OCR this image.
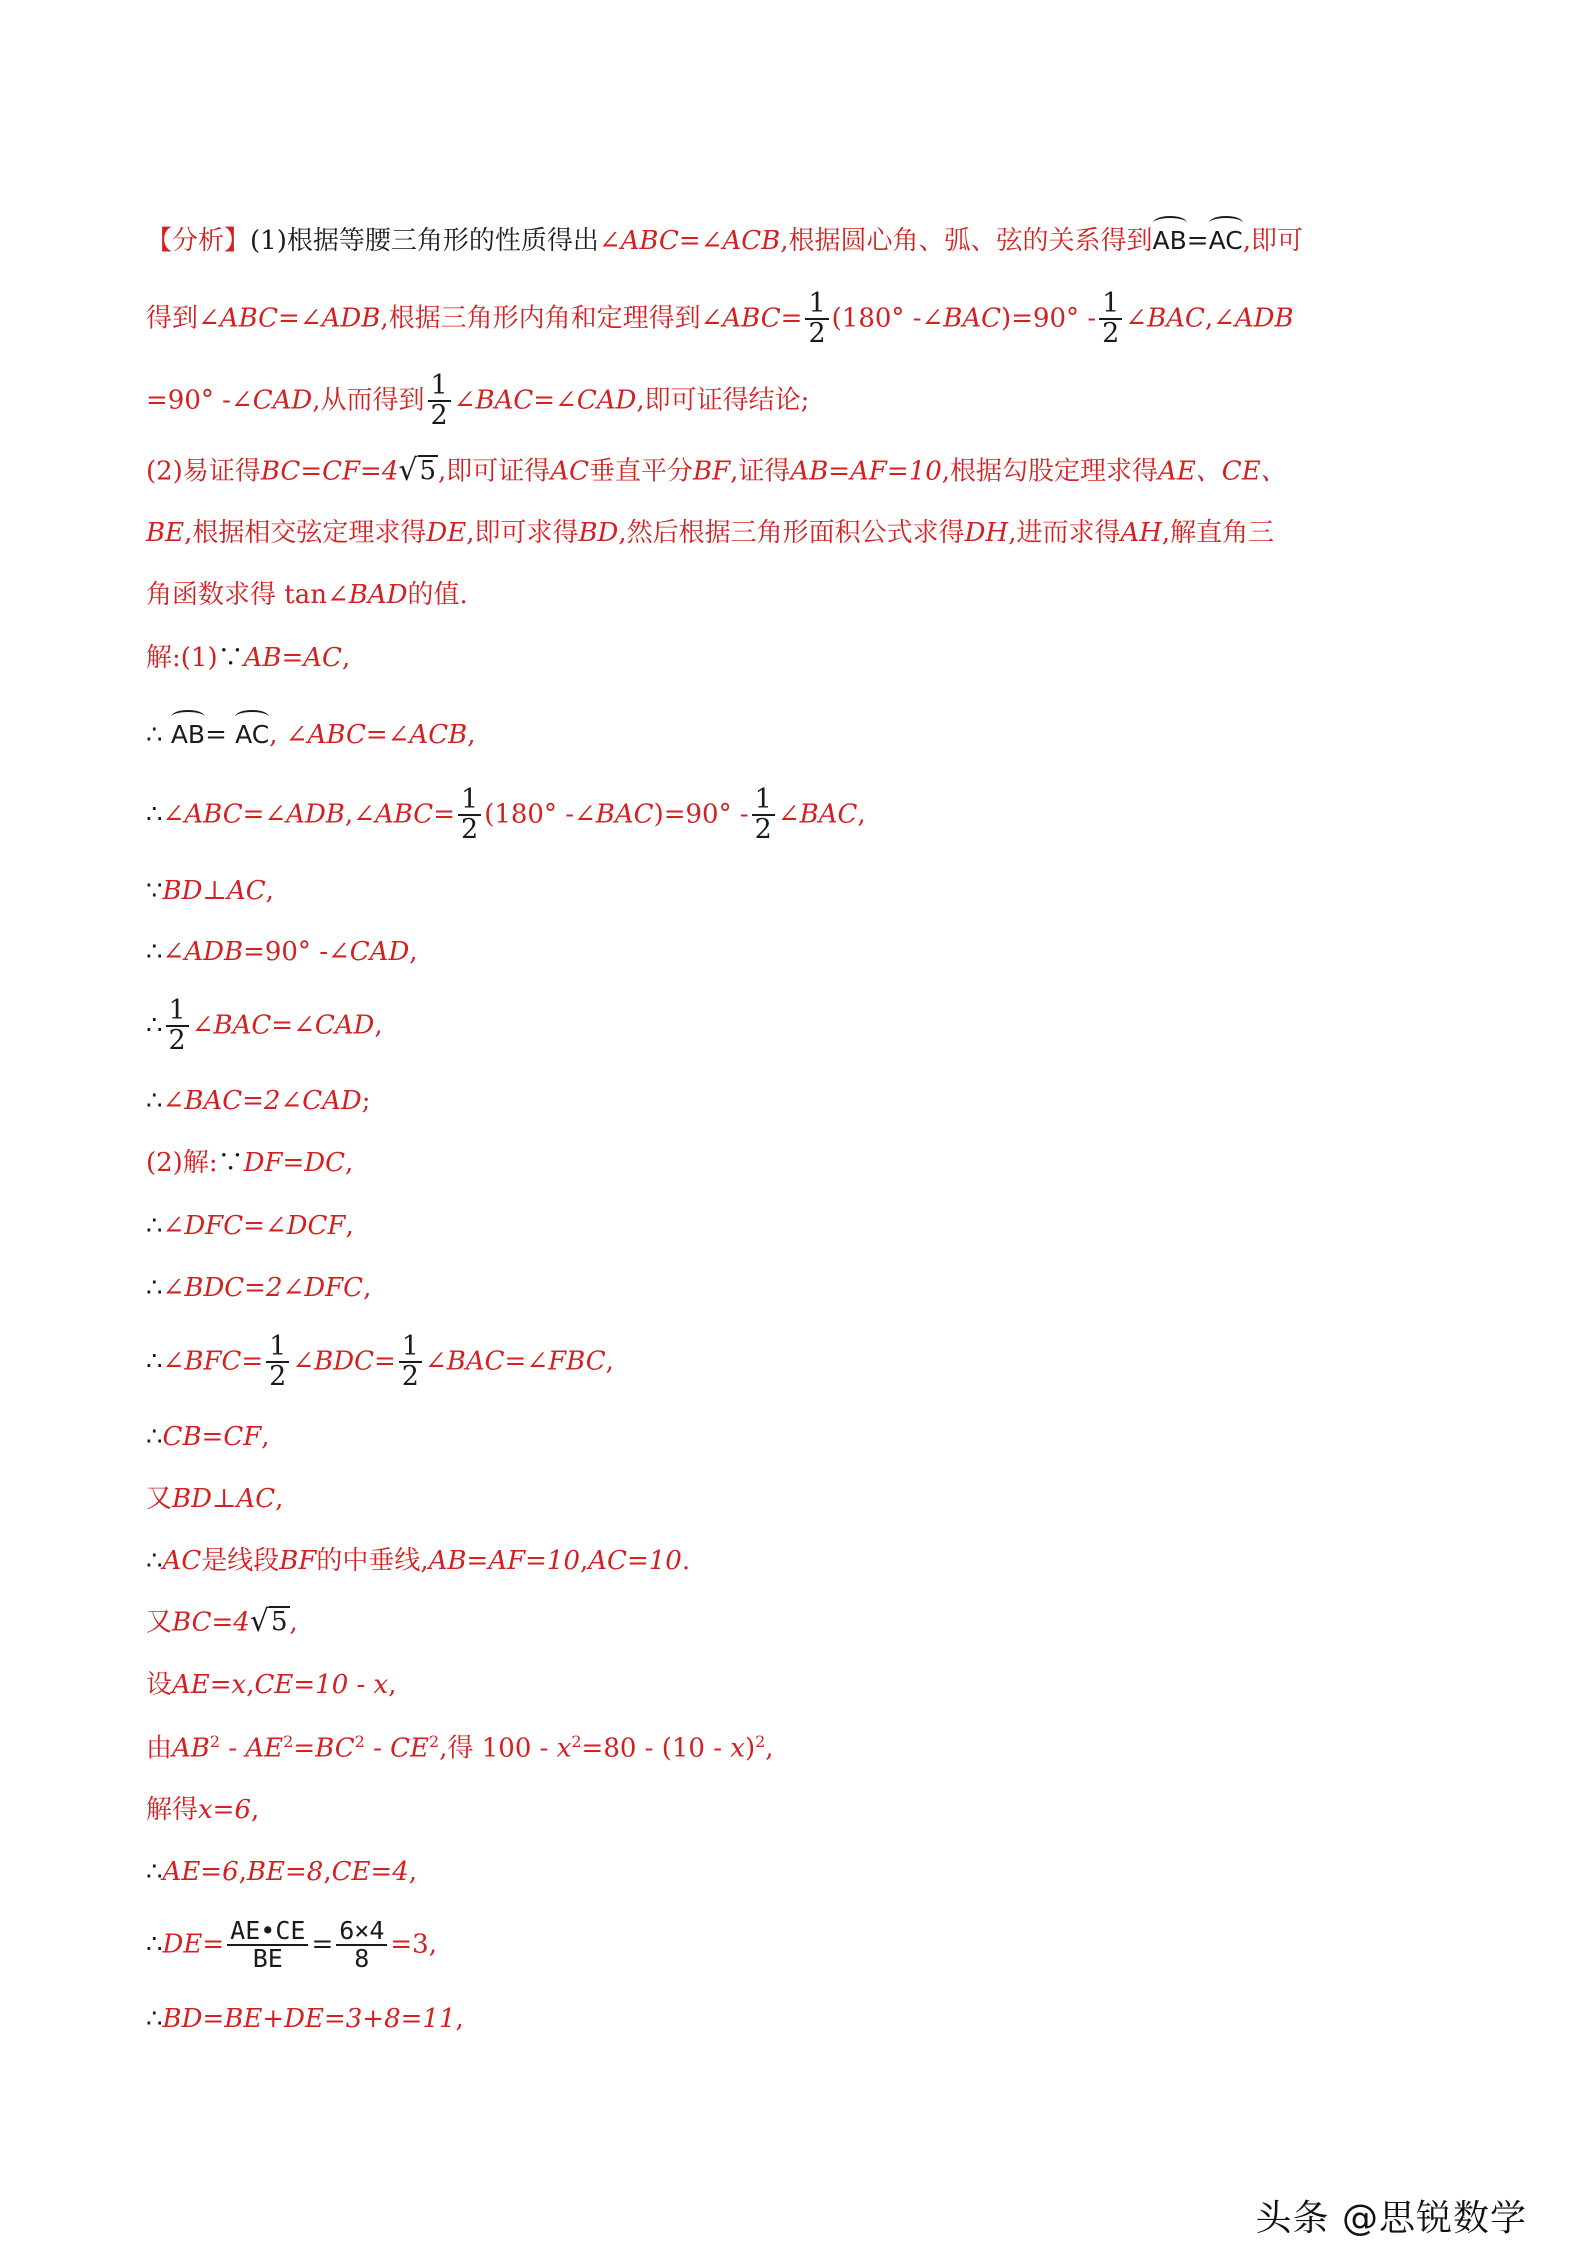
【分析】(1)根据等腰三角形的性质得出∠ABC=∠ACB,根据圆心角、弧、弦的关系得到AB=AC,即可
得到∠ABC=∠ADB,根据三角形内角和定理得到∠ABC= $\frac{1}{2} (180^\circ$ -∠BAC)=90° - $\frac{1}{2}$ ∠BAC,∠ADB
=90° -∠CAD,从而得到 $\frac{1}{2}$ ∠BAC=∠CAD,即可证得结论;
(2)易证得BC=CF=4 √ 5 ,即可证得AC垂直平分BF,证得AB=AF=10,根据勾股定理求得AE、CE、
BE,根据相交弦定理求得DE,即可求得BD,然后根据三角形面积公式求得DH,进而求得AH,解直角三
角函数求得 tan∠BAD的值.
解:(1)∵AB=AC,
∴ AB= AC, ∠ABC=∠ACB,
∴∠ABC=∠ADB,∠ABC= $\frac{1}{2} (180^\circ$ -∠BAC)=90° - $\frac{1}{2}$ ∠BAC,
∵BD⊥AC,
∴∠ADB=90° -∠CAD,
∴ $\frac{1}{2}$ ∠BAC=∠CAD,
∴∠BAC=2∠CAD;
(2)解:∵DF=DC,
∴∠DFC=∠DCF,
∴∠BDC=2∠DFC,
∴∠BFC= $\frac{1}{2}$ ∠BDC= $\frac{1}{2}$ ∠BAC=∠FBC,
∴CB=CF,
又BD⊥AC,
∴AC是线段BF的中垂线,AB=AF=10,AC=10.
又BC=4 √ 5 ,
设AE=x,CE=10 - x,
由$AB^2 - AE^2=BC^2 - CE^2$,得 $100 - x^2=80 - (10 - x)^2$,
解得x=6,
∴AE=6,BE=8,CE=4,
∴DE= $\frac{AE•CE}{BE} = \frac{6\times 4}{8} =3$,
∴BD=BE+DE=3+8=11,
头条 @思锐数学
